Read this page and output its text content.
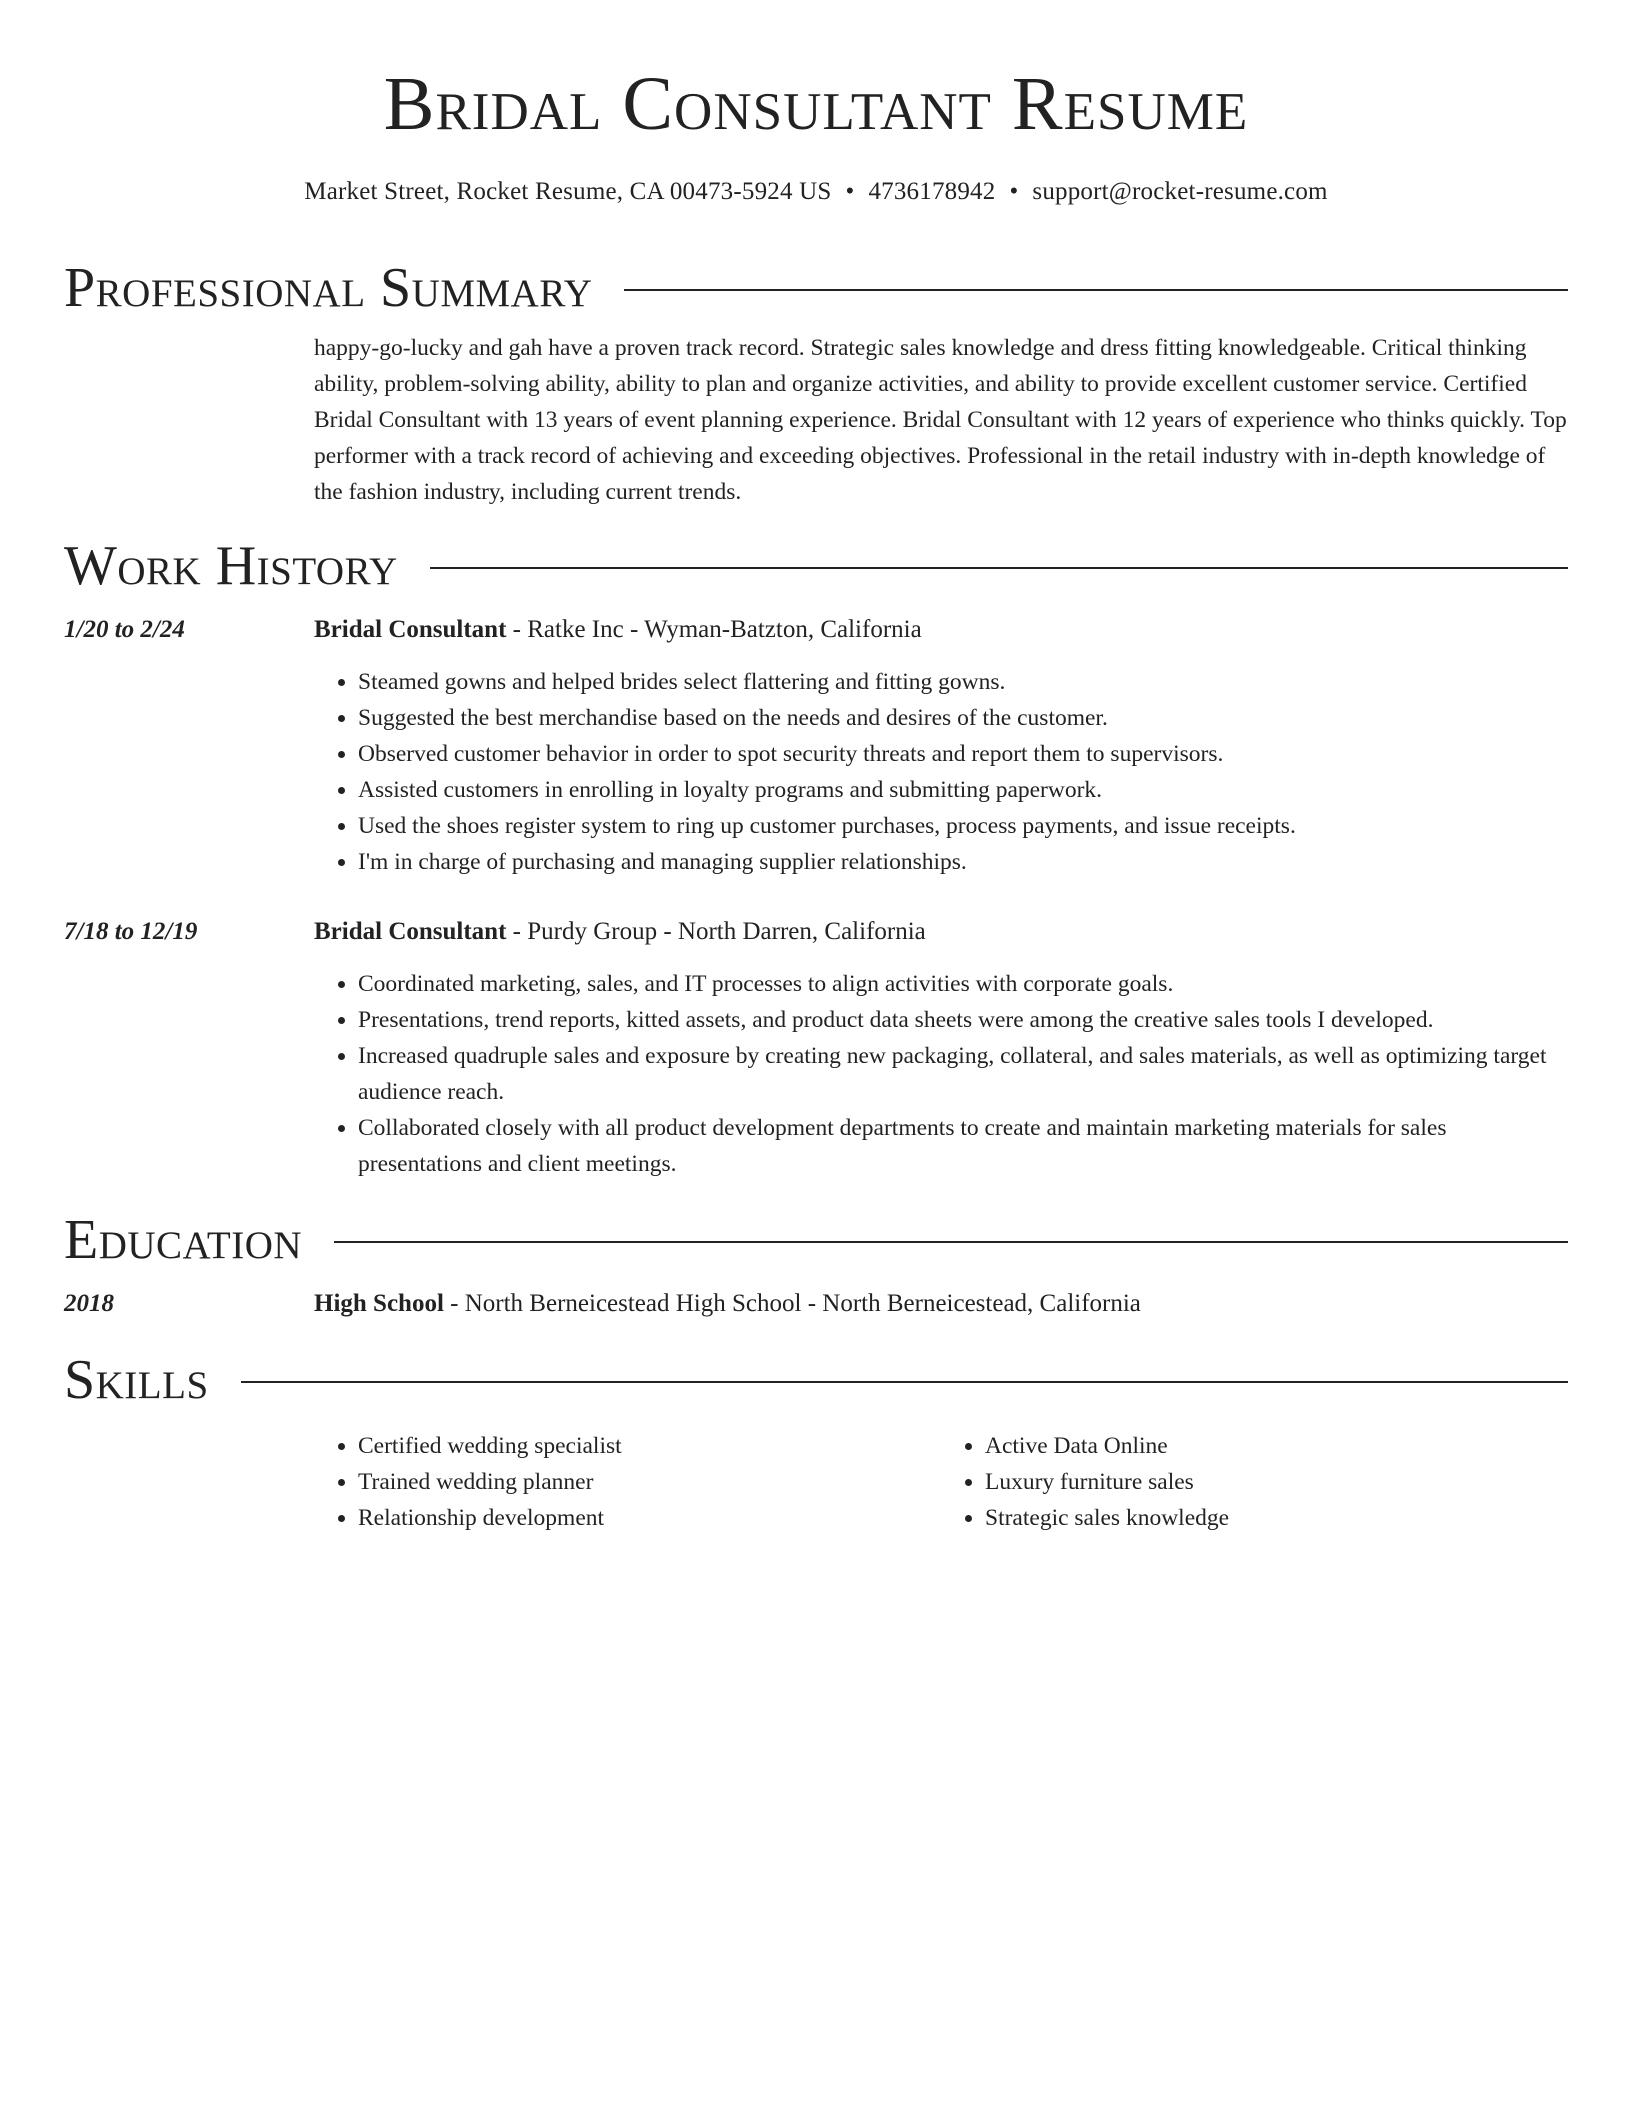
Bridal Consultant Resume
Market Street, Rocket Resume, CA 00473-5924 US • 4736178942 • support@rocket-resume.com
Professional Summary
happy-go-lucky and gah have a proven track record. Strategic sales knowledge and dress fitting knowledgeable. Critical thinking ability, problem-solving ability, ability to plan and organize activities, and ability to provide excellent customer service. Certified Bridal Consultant with 13 years of event planning experience. Bridal Consultant with 12 years of experience who thinks quickly. Top performer with a track record of achieving and exceeding objectives. Professional in the retail industry with in-depth knowledge of the fashion industry, including current trends.
Work History
1/20 to 2/24	Bridal Consultant - Ratke Inc - Wyman-Batzton, California
• Steamed gowns and helped brides select flattering and fitting gowns.
• Suggested the best merchandise based on the needs and desires of the customer.
• Observed customer behavior in order to spot security threats and report them to supervisors.
• Assisted customers in enrolling in loyalty programs and submitting paperwork.
• Used the shoes register system to ring up customer purchases, process payments, and issue receipts.
• I'm in charge of purchasing and managing supplier relationships.
7/18 to 12/19	Bridal Consultant - Purdy Group - North Darren, California
• Coordinated marketing, sales, and IT processes to align activities with corporate goals.
• Presentations, trend reports, kitted assets, and product data sheets were among the creative sales tools I developed.
• Increased quadruple sales and exposure by creating new packaging, collateral, and sales materials, as well as optimizing target audience reach.
• Collaborated closely with all product development departments to create and maintain marketing materials for sales presentations and client meetings.
Education
2018	High School - North Berneicestead High School - North Berneicestead, California
Skills
• Certified wedding specialist
• Trained wedding planner
• Relationship development
• Active Data Online
• Luxury furniture sales
• Strategic sales knowledge
